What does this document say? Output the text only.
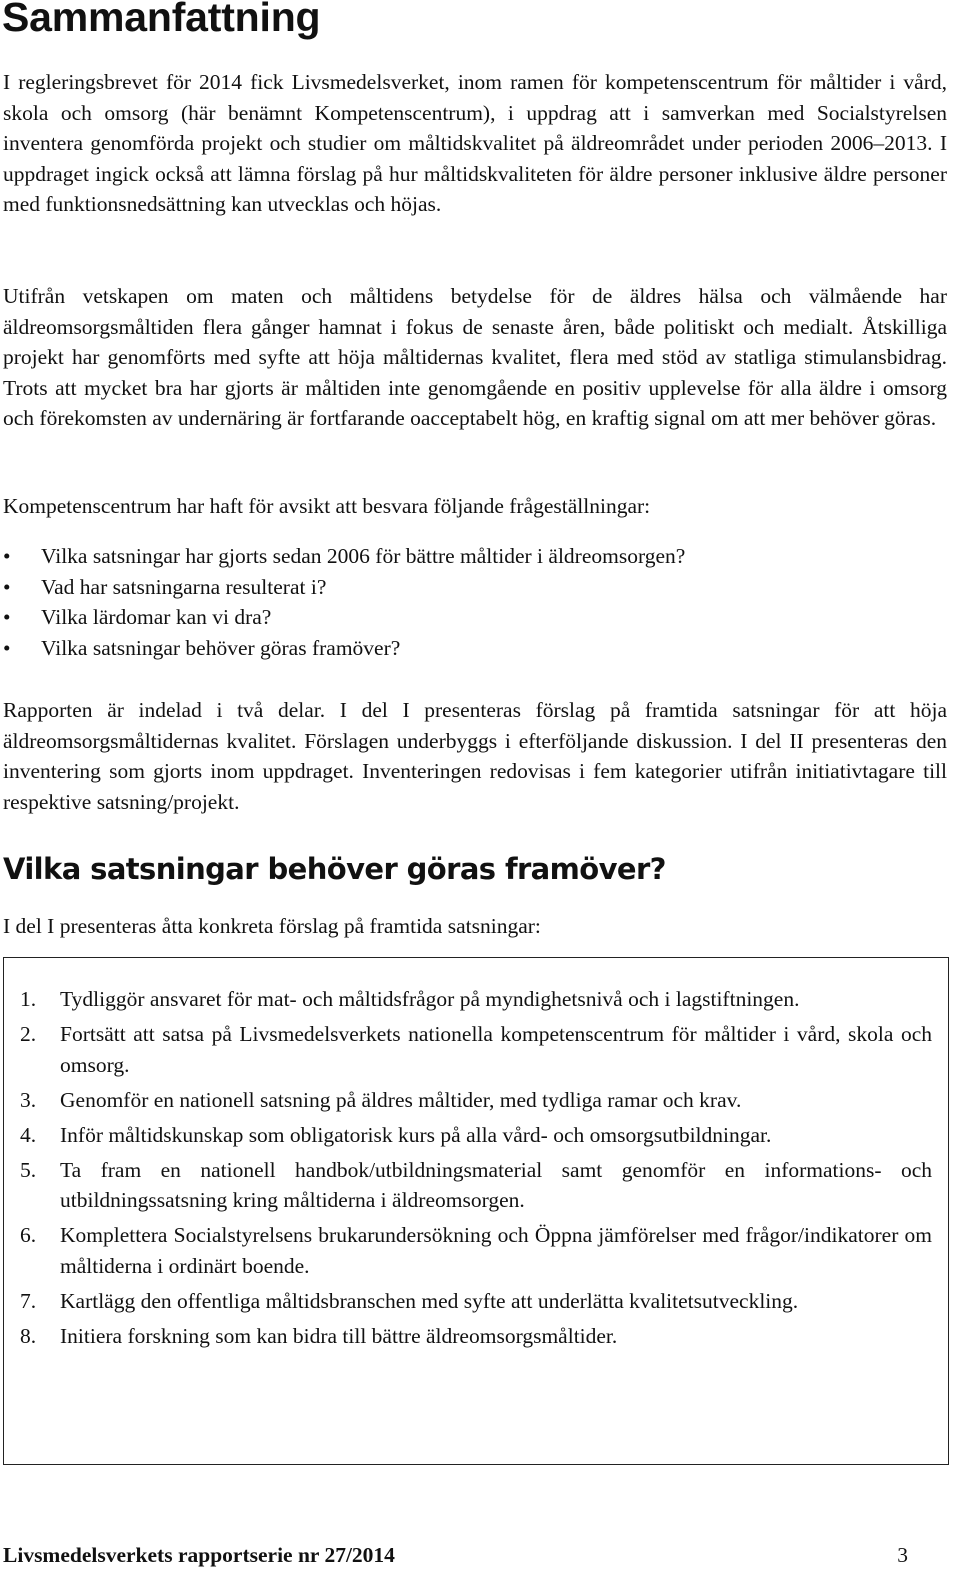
Sammanfattning

I regleringsbrevet för 2014 fick Livsmedelsverket, inom ramen för kompetenscentrum för måltider i vård, skola och omsorg (här benämnt Kompetenscentrum), i uppdrag att i samverkan med Socialstyrelsen inventera genomförda projekt och studier om måltidskvalitet på äldreområdet under perioden 2006–2013. I uppdraget ingick också att lämna förslag på hur måltidskvaliteten för äldre personer inklusive äldre personer med funktionsnedsättning kan utvecklas och höjas.

Utifrån vetskapen om maten och måltidens betydelse för de äldres hälsa och välmående har äldreomsorgsmåltiden flera gånger hamnat i fokus de senaste åren, både politiskt och medialt. Åtskilliga projekt har genomförts med syfte att höja måltidernas kvalitet, flera med stöd av statliga stimulansbidrag. Trots att mycket bra har gjorts är måltiden inte genomgående en positiv upplevelse för alla äldre i omsorg och förekomsten av undernäring är fortfarande oacceptabelt hög, en kraftig signal om att mer behöver göras.

Kompetenscentrum har haft för avsikt att besvara följande frågeställningar:

• Vilka satsningar har gjorts sedan 2006 för bättre måltider i äldreomsorgen?
• Vad har satsningarna resulterat i?
• Vilka lärdomar kan vi dra?
• Vilka satsningar behöver göras framöver?

Rapporten är indelad i två delar. I del I presenteras förslag på framtida satsningar för att höja äldreomsorgsmåltidernas kvalitet. Förslagen underbyggs i efterföljande diskussion. I del II presenteras den inventering som gjorts inom uppdraget. Inventeringen redovisas i fem kategorier utifrån initiativtagare till respektive satsning/projekt.

Vilka satsningar behöver göras framöver?

I del I presenteras åtta konkreta förslag på framtida satsningar:

1. Tydliggör ansvaret för mat- och måltidsfrågor på myndighetsnivå och i lagstiftningen.
2. Fortsätt att satsa på Livsmedelsverkets nationella kompetenscentrum för måltider i vård, skola och omsorg.
3. Genomför en nationell satsning på äldres måltider, med tydliga ramar och krav.
4. Inför måltidskunskap som obligatorisk kurs på alla vård- och omsorgsutbildningar.
5. Ta fram en nationell handbok/utbildningsmaterial samt genomför en informations- och utbildningssatsning kring måltiderna i äldreomsorgen.
6. Komplettera Socialstyrelsens brukarundersökning och Öppna jämförelser med frågor/indikatorer om måltiderna i ordinärt boende.
7. Kartlägg den offentliga måltidsbranschen med syfte att underlätta kvalitetsutveckling.
8. Initiera forskning som kan bidra till bättre äldreomsorgsmåltider.
Livsmedelsverkets rapportserie nr 27/2014	3
